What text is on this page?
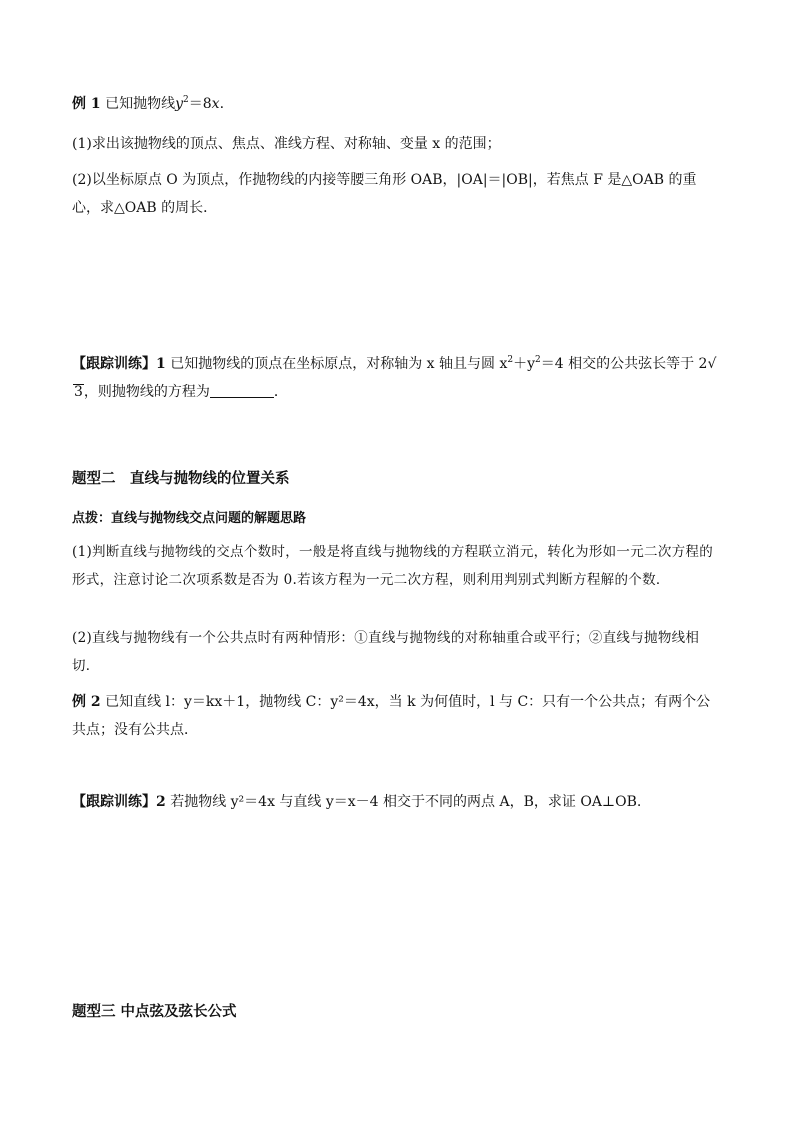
例 1 已知抛物线$y^2=8x$.

(1)求出该抛物线的顶点、焦点、准线方程、对称轴、变量 x 的范围；

(2)以坐标原点 O 为顶点，作抛物线的内接等腰三角形 OAB，|OA|＝|OB|，若焦点 F 是△OAB 的重心，求△OAB 的周长．

【跟踪训练】1 已知抛物线的顶点在坐标原点，对称轴为 x 轴且与圆 $x^2+y^2=4$ 相交的公共弦长等于 2√3，则抛物线的方程为	．

题型二　直线与抛物线的位置关系

点拨：直线与抛物线交点问题的解题思路

(1)判断直线与抛物线的交点个数时，一般是将直线与抛物线的方程联立消元，转化为形如一元二次方程的形式，注意讨论二次项系数是否为 0.若该方程为一元二次方程，则利用判别式判断方程解的个数．

(2)直线与抛物线有一个公共点时有两种情形：①直线与抛物线的对称轴重合或平行；②直线与抛物线相切．

例 2 已知直线 l：y＝kx＋1，抛物线 C：y²＝4x，当 k 为何值时，l 与 C：只有一个公共点；有两个公共点；没有公共点．

【跟踪训练】2 若抛物线 y²＝4x 与直线 y＝x－4 相交于不同的两点 A，B，求证 OA⊥OB.

题型三 中点弦及弦长公式
